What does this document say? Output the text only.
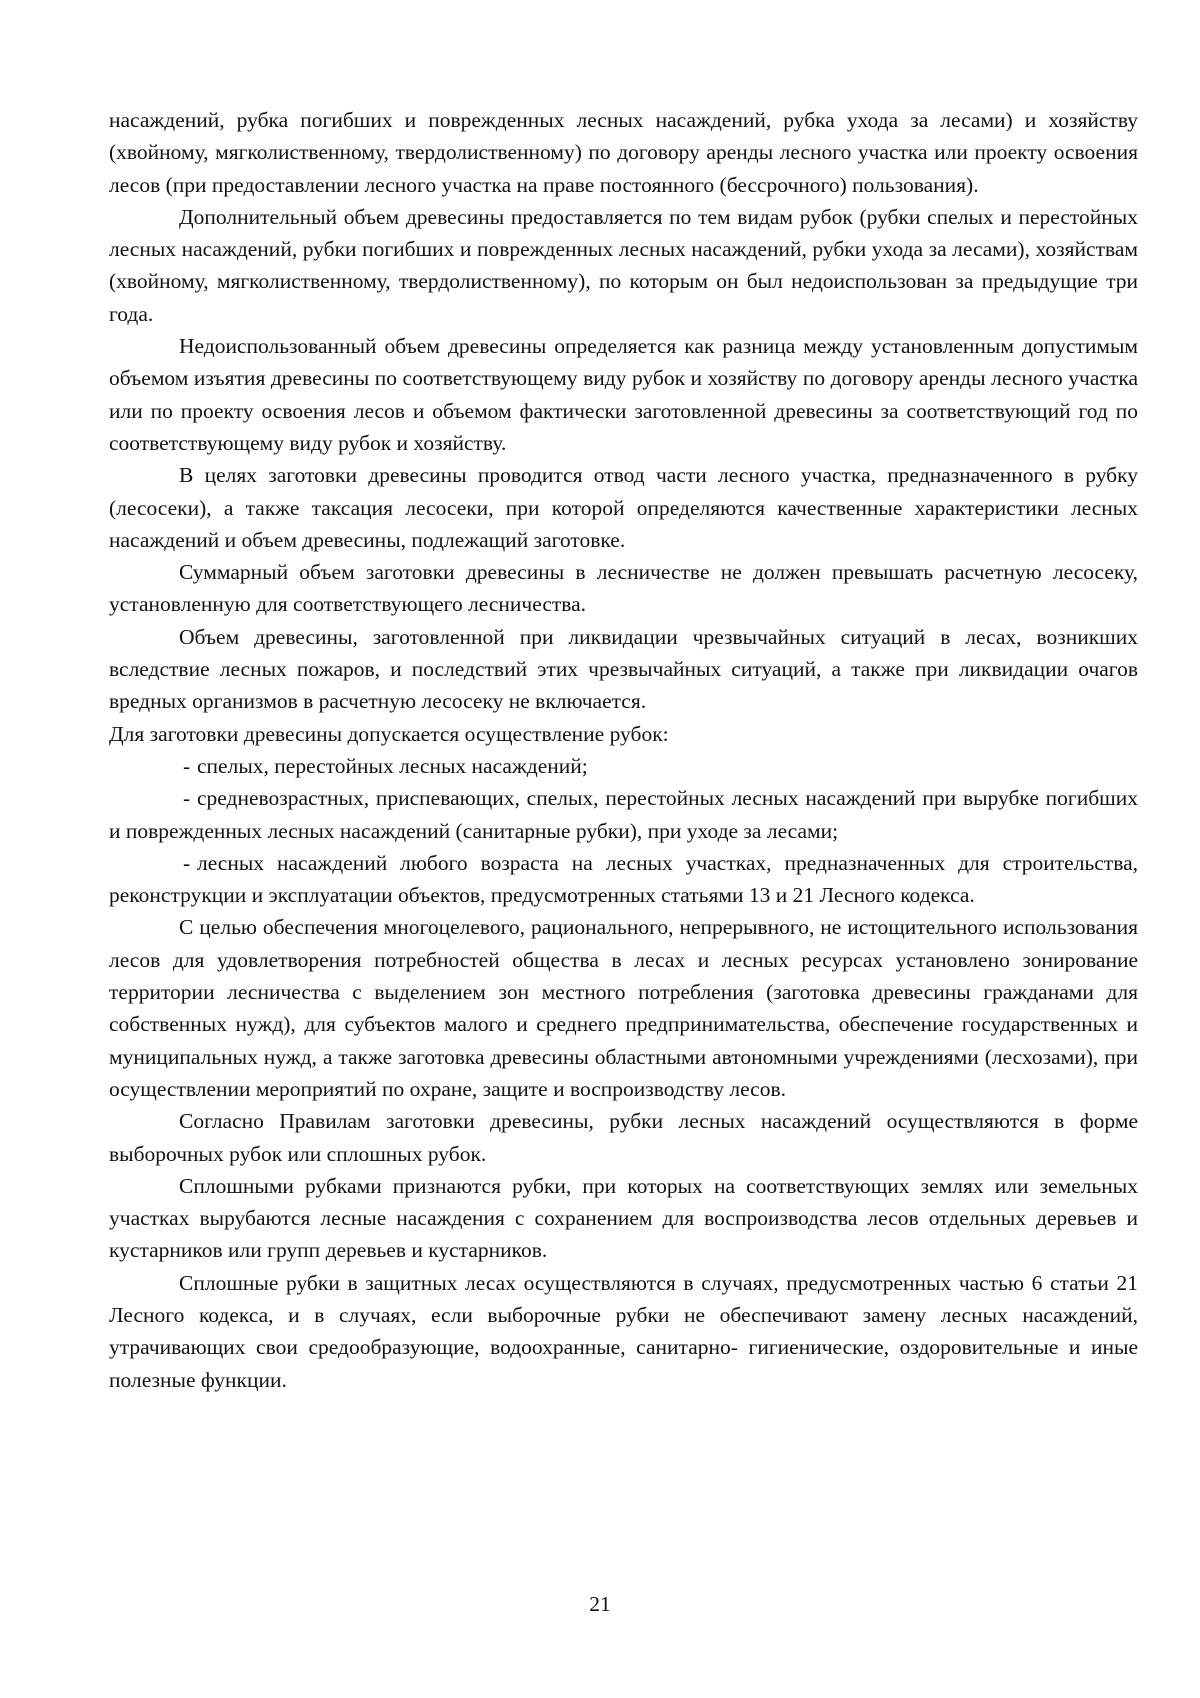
насаждений, рубка погибших и поврежденных лесных насаждений, рубка ухода за лесами) и хозяйству (хвойному, мягколиственному, твердолиственному) по договору аренды лесного участка или проекту освоения лесов (при предоставлении лесного участка на праве постоянного (бессрочного) пользования).

Дополнительный объем древесины предоставляется по тем видам рубок (рубки спелых и перестойных лесных насаждений, рубки погибших и поврежденных лесных насаждений, рубки ухода за лесами), хозяйствам (хвойному, мягколиственному, твердолиственному), по которым он был недоиспользован за предыдущие три года.

Недоиспользованный объем древесины определяется как разница между установленным допустимым объемом изъятия древесины по соответствующему виду рубок и хозяйству по договору аренды лесного участка или по проекту освоения лесов и объемом фактически заготовленной древесины за соответствующий год по соответствующему виду рубок и хозяйству.

В целях заготовки древесины проводится отвод части лесного участка, предназначенного в рубку (лесосеки), а также таксация лесосеки, при которой определяются качественные характеристики лесных насаждений и объем древесины, подлежащий заготовке.

Суммарный объем заготовки древесины в лесничестве не должен превышать расчетную лесосеку, установленную для соответствующего лесничества.

Объем древесины, заготовленной при ликвидации чрезвычайных ситуаций в лесах, возникших вследствие лесных пожаров, и последствий этих чрезвычайных ситуаций, а также при ликвидации очагов вредных организмов в расчетную лесосеку не включается.

Для заготовки древесины допускается осуществление рубок:

- спелых, перестойных лесных насаждений;

- средневозрастных, приспевающих, спелых, перестойных лесных насаждений при вырубке погибших и поврежденных лесных насаждений (санитарные рубки), при уходе за лесами;

- лесных насаждений любого возраста на лесных участках, предназначенных для строительства, реконструкции и эксплуатации объектов, предусмотренных статьями 13 и 21 Лесного кодекса.

С целью обеспечения многоцелевого, рационального, непрерывного, не истощительного использования лесов для удовлетворения потребностей общества в лесах и лесных ресурсах установлено зонирование территории лесничества с выделением зон местного потребления (заготовка древесины гражданами для собственных нужд), для субъектов малого и среднего предпринимательства, обеспечение государственных и муниципальных нужд, а также заготовка древесины областными автономными учреждениями (лесхозами), при осуществлении мероприятий по охране, защите и воспроизводству лесов.

Согласно Правилам заготовки древесины, рубки лесных насаждений осуществляются в форме выборочных рубок или сплошных рубок.

Сплошными рубками признаются рубки, при которых на соответствующих землях или земельных участках вырубаются лесные насаждения с сохранением для воспроизводства лесов отдельных деревьев и кустарников или групп деревьев и кустарников.

Сплошные рубки в защитных лесах осуществляются в случаях, предусмотренных частью 6 статьи 21 Лесного кодекса, и в случаях, если выборочные рубки не обеспечивают замену лесных насаждений, утрачивающих свои средообразующие, водоохранные, санитарно- гигиенические, оздоровительные и иные полезные функции.

21
